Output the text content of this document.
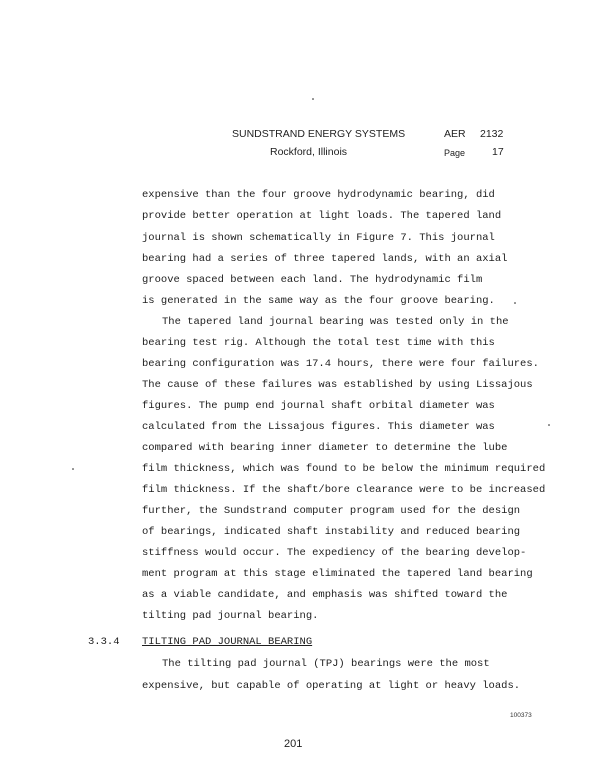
SUNDSTRAND ENERGY SYSTEMS
Rockford, Illinois
AER 2132
Page	17
expensive than the four groove hydrodynamic bearing, did
provide better operation at light loads. The tapered land
journal is shown schematically in Figure 7. This journal
bearing had a series of three tapered lands, with an axial
groove spaced between each land. The hydrodynamic film
is generated in the same way as the four groove bearing.
The tapered land journal bearing was tested only in the
bearing test rig. Although the total test time with this
bearing configuration was 17.4 hours, there were four failures.
The cause of these failures was established by using Lissajous
figures. The pump end journal shaft orbital diameter was
calculated from the Lissajous figures. This diameter was
compared with bearing inner diameter to determine the lube
film thickness, which was found to be below the minimum required
film thickness. If the shaft/bore clearance were to be increased
further, the Sundstrand computer program used for the design
of bearings, indicated shaft instability and reduced bearing
stiffness would occur. The expediency of the bearing develop-
ment program at this stage eliminated the tapered land bearing
as a viable candidate, and emphasis was shifted toward the
tilting pad journal bearing.
3.3.4 TILTING PAD JOURNAL BEARING
The tilting pad journal (TPJ) bearings were the most
expensive, but capable of operating at light or heavy loads.
100373
201
